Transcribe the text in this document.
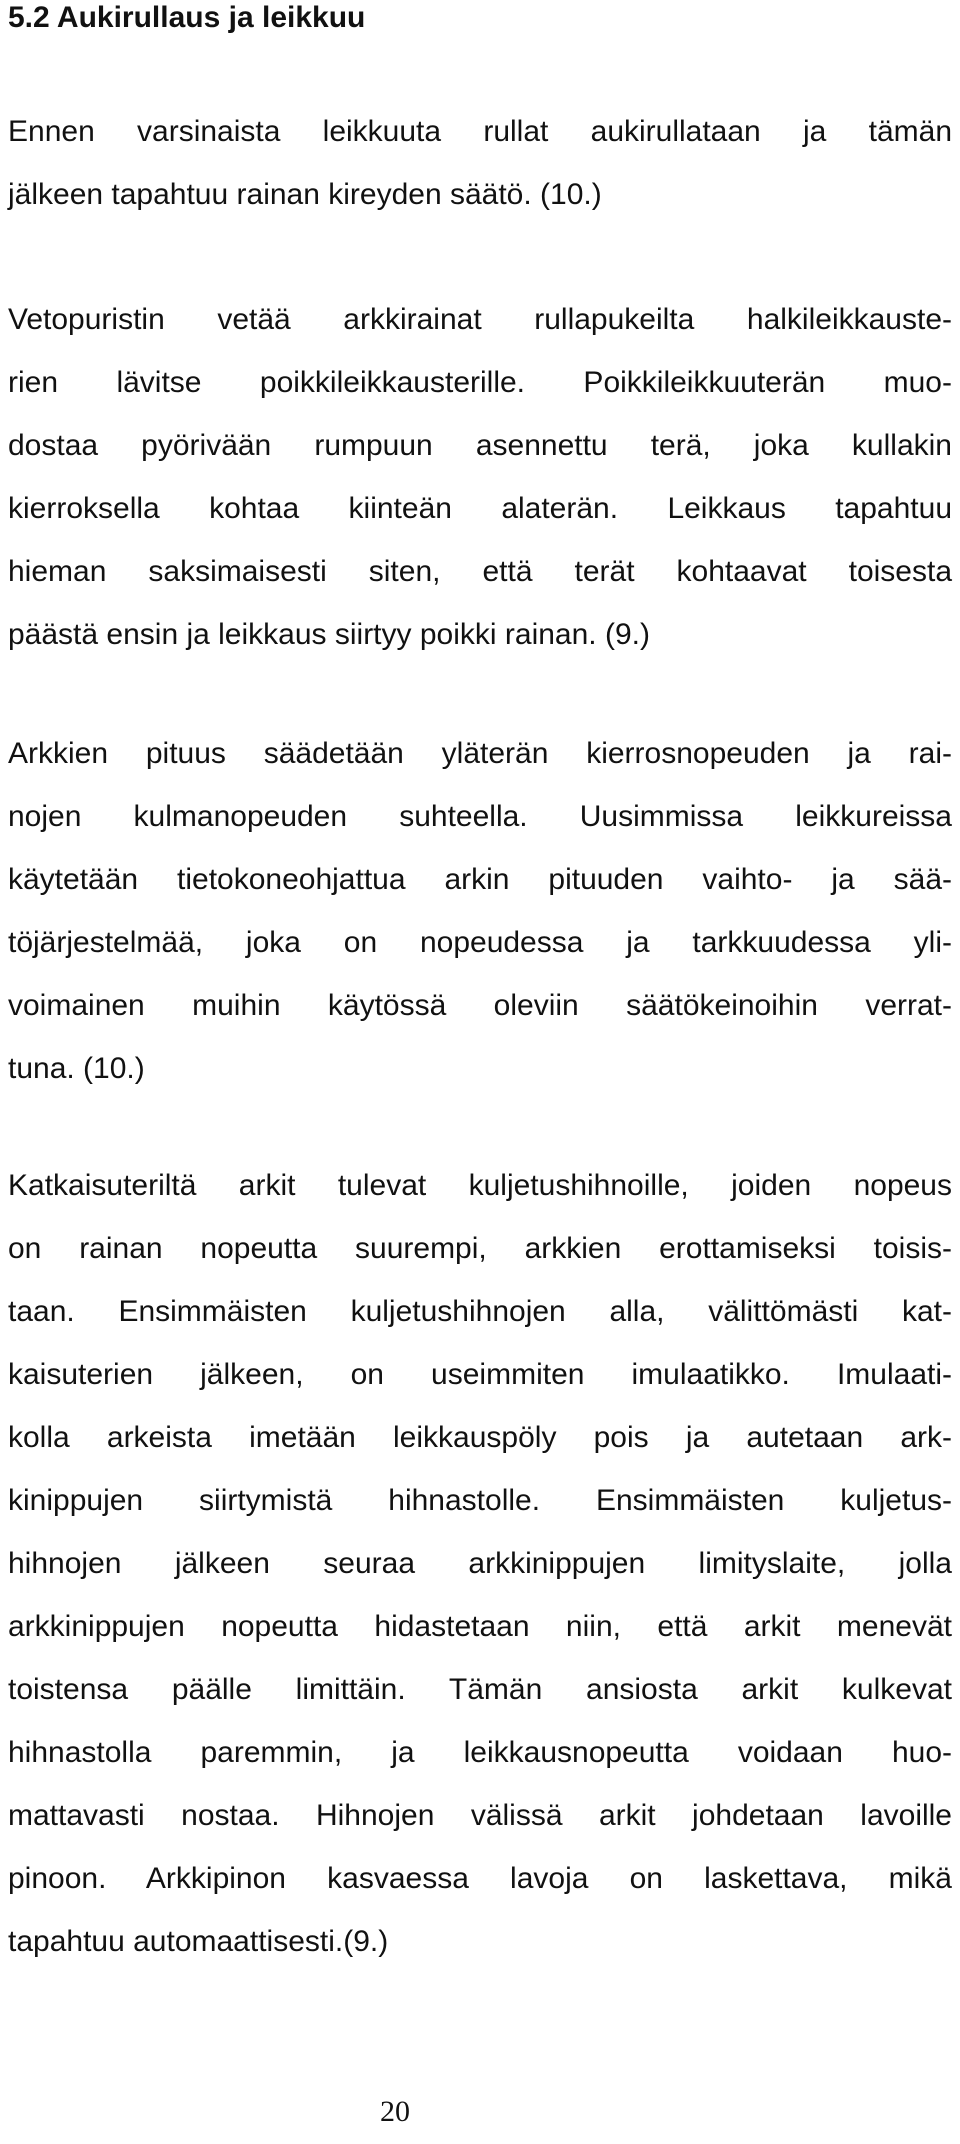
5.2 Aukirullaus ja leikkuu

Ennen varsinaista leikkuuta rullat aukirullataan ja tämän
jälkeen tapahtuu rainan kireyden säätö. (10.)

Vetopuristin vetää arkkirainat rullapukeilta halkileikkauste-
rien lävitse poikkileikkausterille. Poikkileikkuuterän muo-
dostaa pyörivään rumpuun asennettu terä, joka kullakin
kierroksella kohtaa kiinteän alaterän. Leikkaus tapahtuu
hieman saksimaisesti siten, että terät kohtaavat toisesta
päästä ensin ja leikkaus siirtyy poikki rainan. (9.)

Arkkien pituus säädetään yläterän kierrosnopeuden ja rai-
nojen kulmanopeuden suhteella. Uusimmissa leikkureissa
käytetään tietokoneohjattua arkin pituuden vaihto- ja sää-
töjärjestelmää, joka on nopeudessa ja tarkkuudessa yli-
voimainen muihin käytössä oleviin säätökeinoihin verrat-
tuna. (10.)

Katkaisuteriltä arkit tulevat kuljetushihnoille, joiden nopeus
on rainan nopeutta suurempi, arkkien erottamiseksi toisis-
taan. Ensimmäisten kuljetushihnojen alla, välittömästi kat-
kaisuterien jälkeen, on useimmiten imulaatikko. Imulaati-
kolla arkeista imetään leikkauspöly pois ja autetaan ark-
kinippujen siirtymistä hihnastolle. Ensimmäisten kuljetus-
hihnojen jälkeen seuraa arkkinippujen limityslaite, jolla
arkkinippujen nopeutta hidastetaan niin, että arkit menevät
toistensa päälle limittäin. Tämän ansiosta arkit kulkevat
hihnastolla paremmin, ja leikkausnopeutta voidaan huo-
mattavasti nostaa. Hihnojen välissä arkit johdetaan lavoille
pinoon. Arkkipinon kasvaessa lavoja on laskettava, mikä
tapahtuu automaattisesti.(9.)

20
